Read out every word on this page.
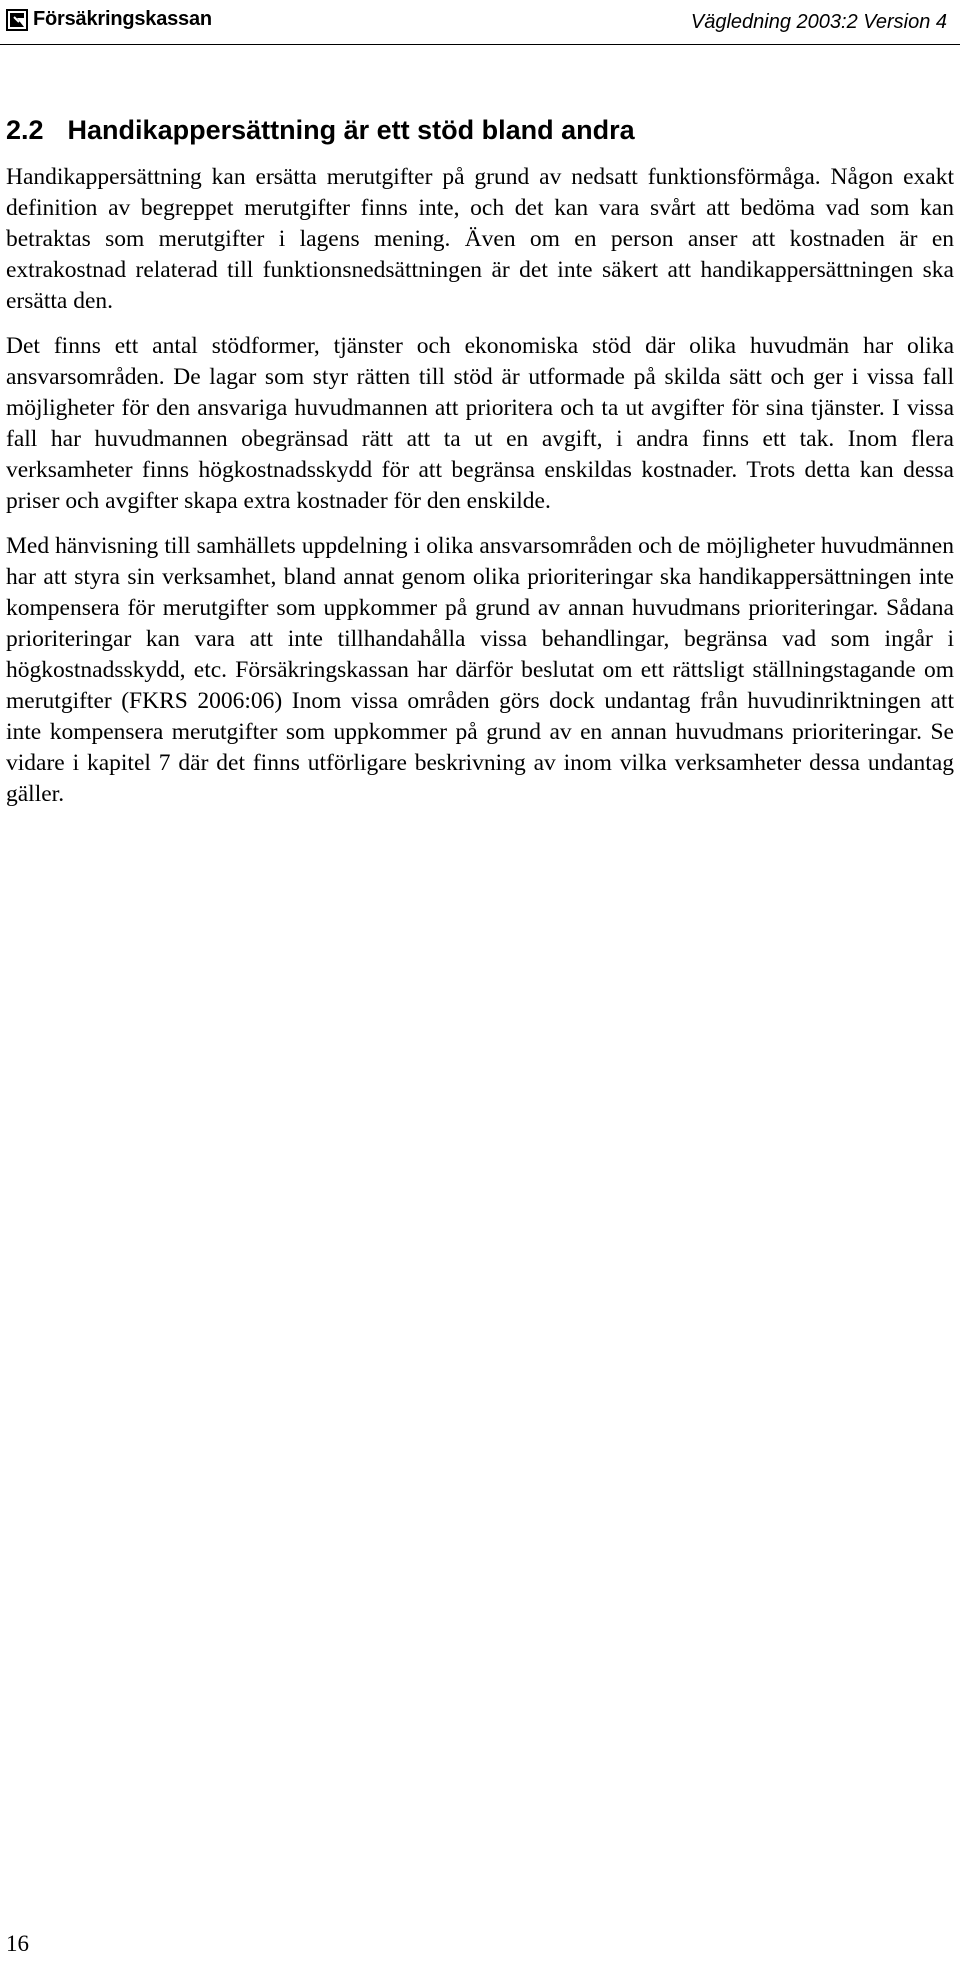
Försäkringskassan	Vägledning 2003:2 Version 4
2.2 Handikappersättning är ett stöd bland andra

Handikappersättning kan ersätta merutgifter på grund av nedsatt funktionsförmåga. Någon exakt definition av begreppet merutgifter finns inte, och det kan vara svårt att bedöma vad som kan betraktas som merutgifter i lagens mening. Även om en person anser att kostnaden är en extrakostnad relaterad till funktionsnedsättningen är det inte säkert att handikappersättningen ska ersätta den.

Det finns ett antal stödformer, tjänster och ekonomiska stöd där olika huvudmän har olika ansvarsområden. De lagar som styr rätten till stöd är utformade på skilda sätt och ger i vissa fall möjligheter för den ansvariga huvudmannen att prioritera och ta ut avgifter för sina tjänster. I vissa fall har huvudmannen obegränsad rätt att ta ut en avgift, i andra finns ett tak. Inom flera verksamheter finns högkostnadsskydd för att begränsa enskildas kostnader. Trots detta kan dessa priser och avgifter skapa extra kostnader för den enskilde.

Med hänvisning till samhällets uppdelning i olika ansvarsområden och de möjligheter huvudmännen har att styra sin verksamhet, bland annat genom olika prioriteringar ska handikappersättningen inte kompensera för merutgifter som uppkommer på grund av annan huvudmans prioriteringar. Sådana prioriteringar kan vara att inte tillhandahålla vissa behandlingar, begränsa vad som ingår i högkostnadsskydd, etc. Försäkringskassan har därför beslutat om ett rättsligt ställningstagande om merutgifter (FKRS 2006:06) Inom vissa områden görs dock undantag från huvudinriktningen att inte kompensera merutgifter som uppkommer på grund av en annan huvudmans prioriteringar. Se vidare i kapitel 7 där det finns utförligare beskrivning av inom vilka verksamheter dessa undantag gäller.

16
